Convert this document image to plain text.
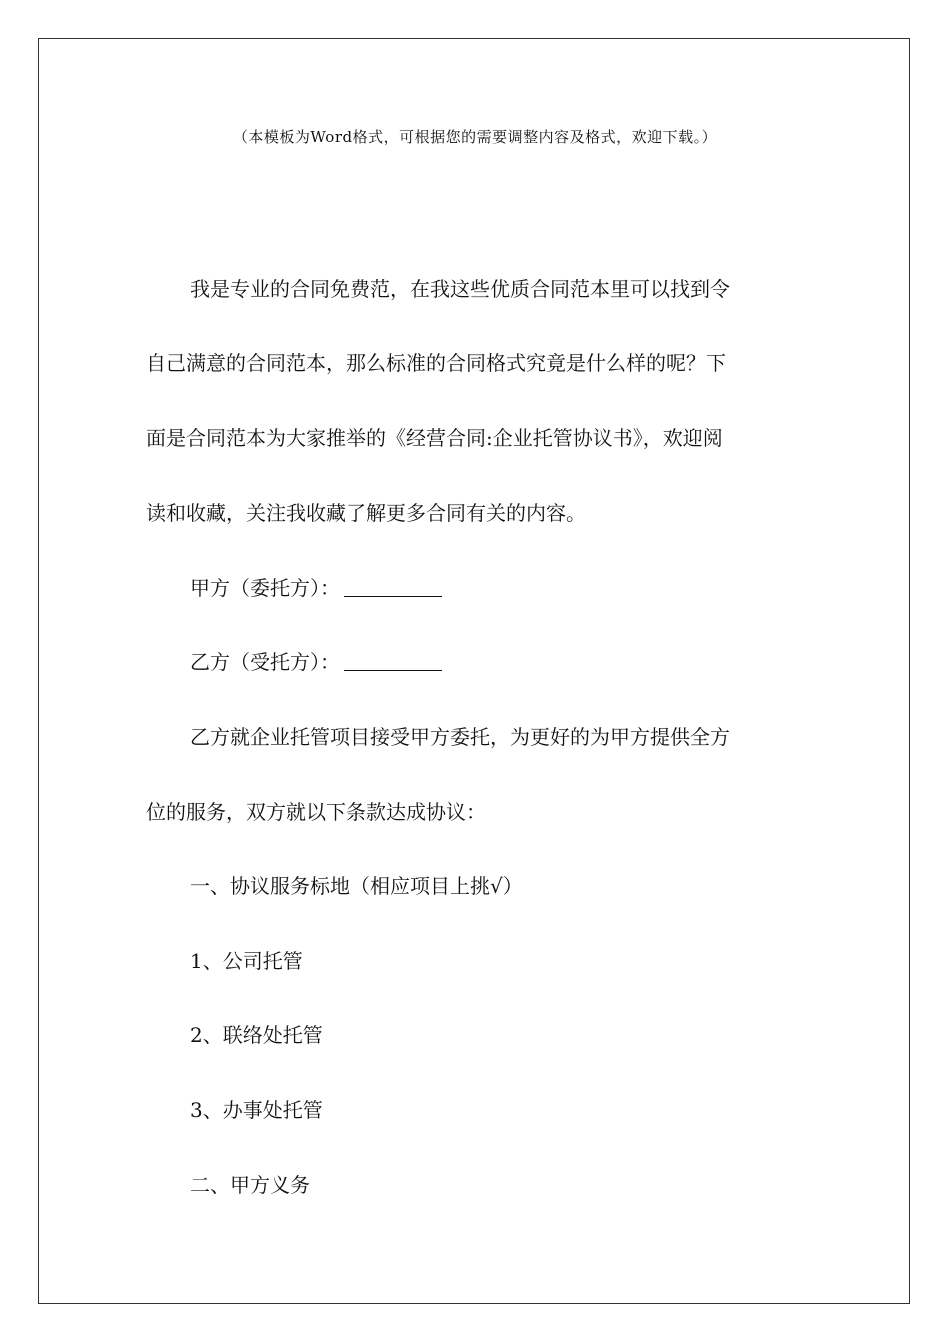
（本模板为Word格式，可根据您的需要调整内容及格式，欢迎下载。）
我是专业的合同免费范，在我这些优质合同范本里可以找到令
自己满意的合同范本，那么标准的合同格式究竟是什么样的呢？下
面是合同范本为大家推举的《经营合同:企业托管协议书》，欢迎阅
读和收藏，关注我收藏了解更多合同有关的内容。
甲方（委托方）：
乙方（受托方）：
乙方就企业托管项目接受甲方委托，为更好的为甲方提供全方
位的服务，双方就以下条款达成协议：
一、协议服务标地（相应项目上挑√）
1、公司托管
2、联络处托管
3、办事处托管
二、甲方义务
